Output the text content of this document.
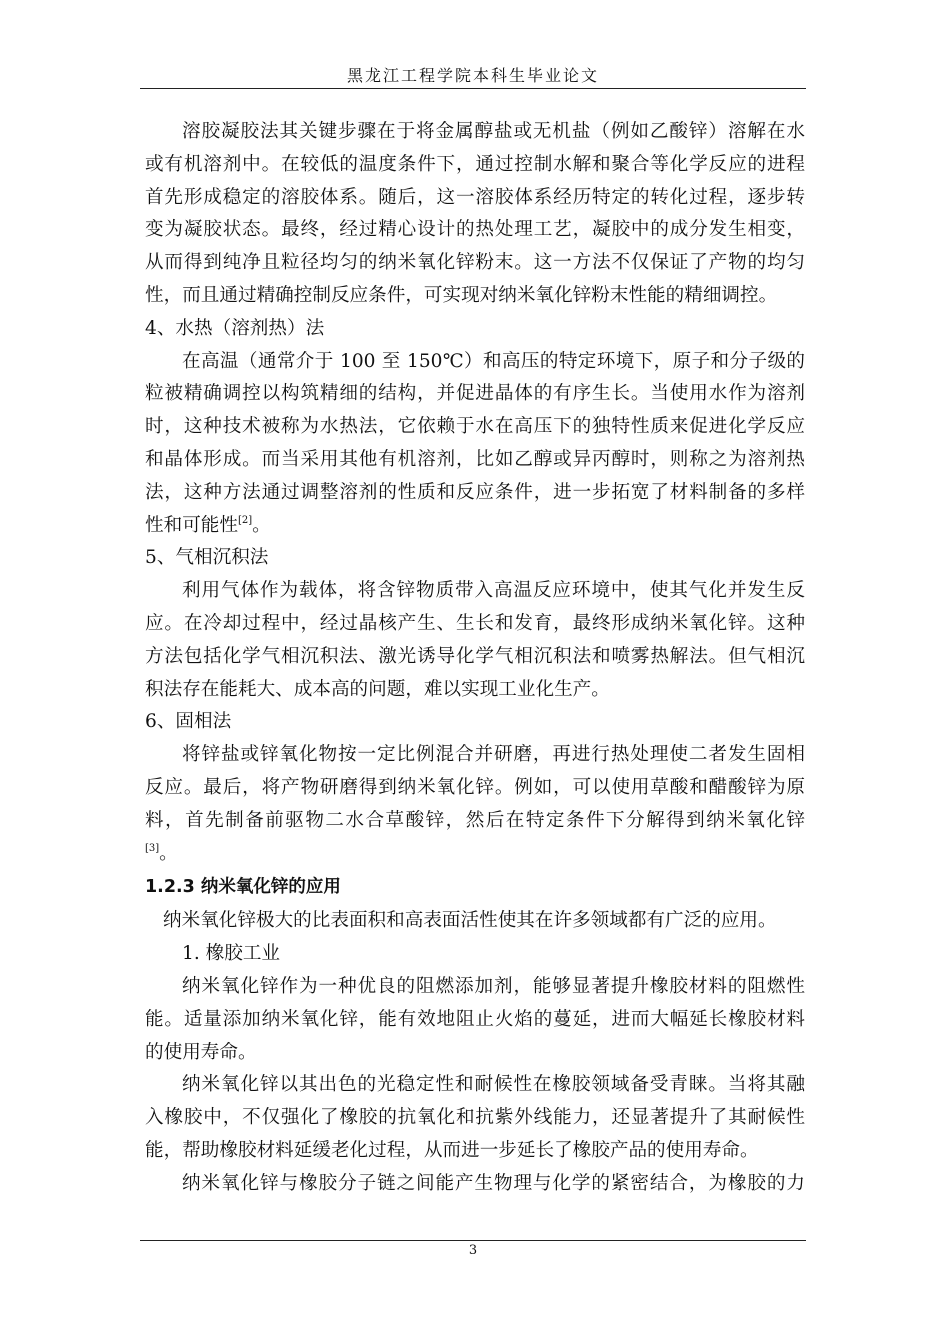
黑龙江工程学院本科生毕业论文
溶胶凝胶法其关键步骤在于将金属醇盐或无机盐（例如乙酸锌）溶解在水
或有机溶剂中。在较低的温度条件下，通过控制水解和聚合等化学反应的进程
首先形成稳定的溶胶体系。随后，这一溶胶体系经历特定的转化过程，逐步转
变为凝胶状态。最终，经过精心设计的热处理工艺，凝胶中的成分发生相变，
从而得到纯净且粒径均匀的纳米氧化锌粉末。这一方法不仅保证了产物的均匀
性，而且通过精确控制反应条件，可实现对纳米氧化锌粉末性能的精细调控。
4、水热（溶剂热）法
在高温（通常介于 100 至 150℃）和高压的特定环境下，原子和分子级的
粒被精确调控以构筑精细的结构，并促进晶体的有序生长。当使用水作为溶剂
时，这种技术被称为水热法，它依赖于水在高压下的独特性质来促进化学反应
和晶体形成。而当采用其他有机溶剂，比如乙醇或异丙醇时，则称之为溶剂热
法，这种方法通过调整溶剂的性质和反应条件，进一步拓宽了材料制备的多样
性和可能性[2]。
5、气相沉积法
利用气体作为载体，将含锌物质带入高温反应环境中，使其气化并发生反
应。在冷却过程中，经过晶核产生、生长和发育，最终形成纳米氧化锌。这种
方法包括化学气相沉积法、激光诱导化学气相沉积法和喷雾热解法。但气相沉
积法存在能耗大、成本高的问题，难以实现工业化生产。
6、固相法
将锌盐或锌氧化物按一定比例混合并研磨，再进行热处理使二者发生固相
反应。最后，将产物研磨得到纳米氧化锌。例如，可以使用草酸和醋酸锌为原
料，首先制备前驱物二水合草酸锌，然后在特定条件下分解得到纳米氧化锌
[3]。
1.2.3 纳米氧化锌的应用
纳米氧化锌极大的比表面积和高表面活性使其在许多领域都有广泛的应用。
1. 橡胶工业
纳米氧化锌作为一种优良的阻燃添加剂，能够显著提升橡胶材料的阻燃性
能。适量添加纳米氧化锌，能有效地阻止火焰的蔓延，进而大幅延长橡胶材料
的使用寿命。
纳米氧化锌以其出色的光稳定性和耐候性在橡胶领域备受青睐。当将其融
入橡胶中，不仅强化了橡胶的抗氧化和抗紫外线能力，还显著提升了其耐候性
能，帮助橡胶材料延缓老化过程，从而进一步延长了橡胶产品的使用寿命。
纳米氧化锌与橡胶分子链之间能产生物理与化学的紧密结合，为橡胶的力
3
